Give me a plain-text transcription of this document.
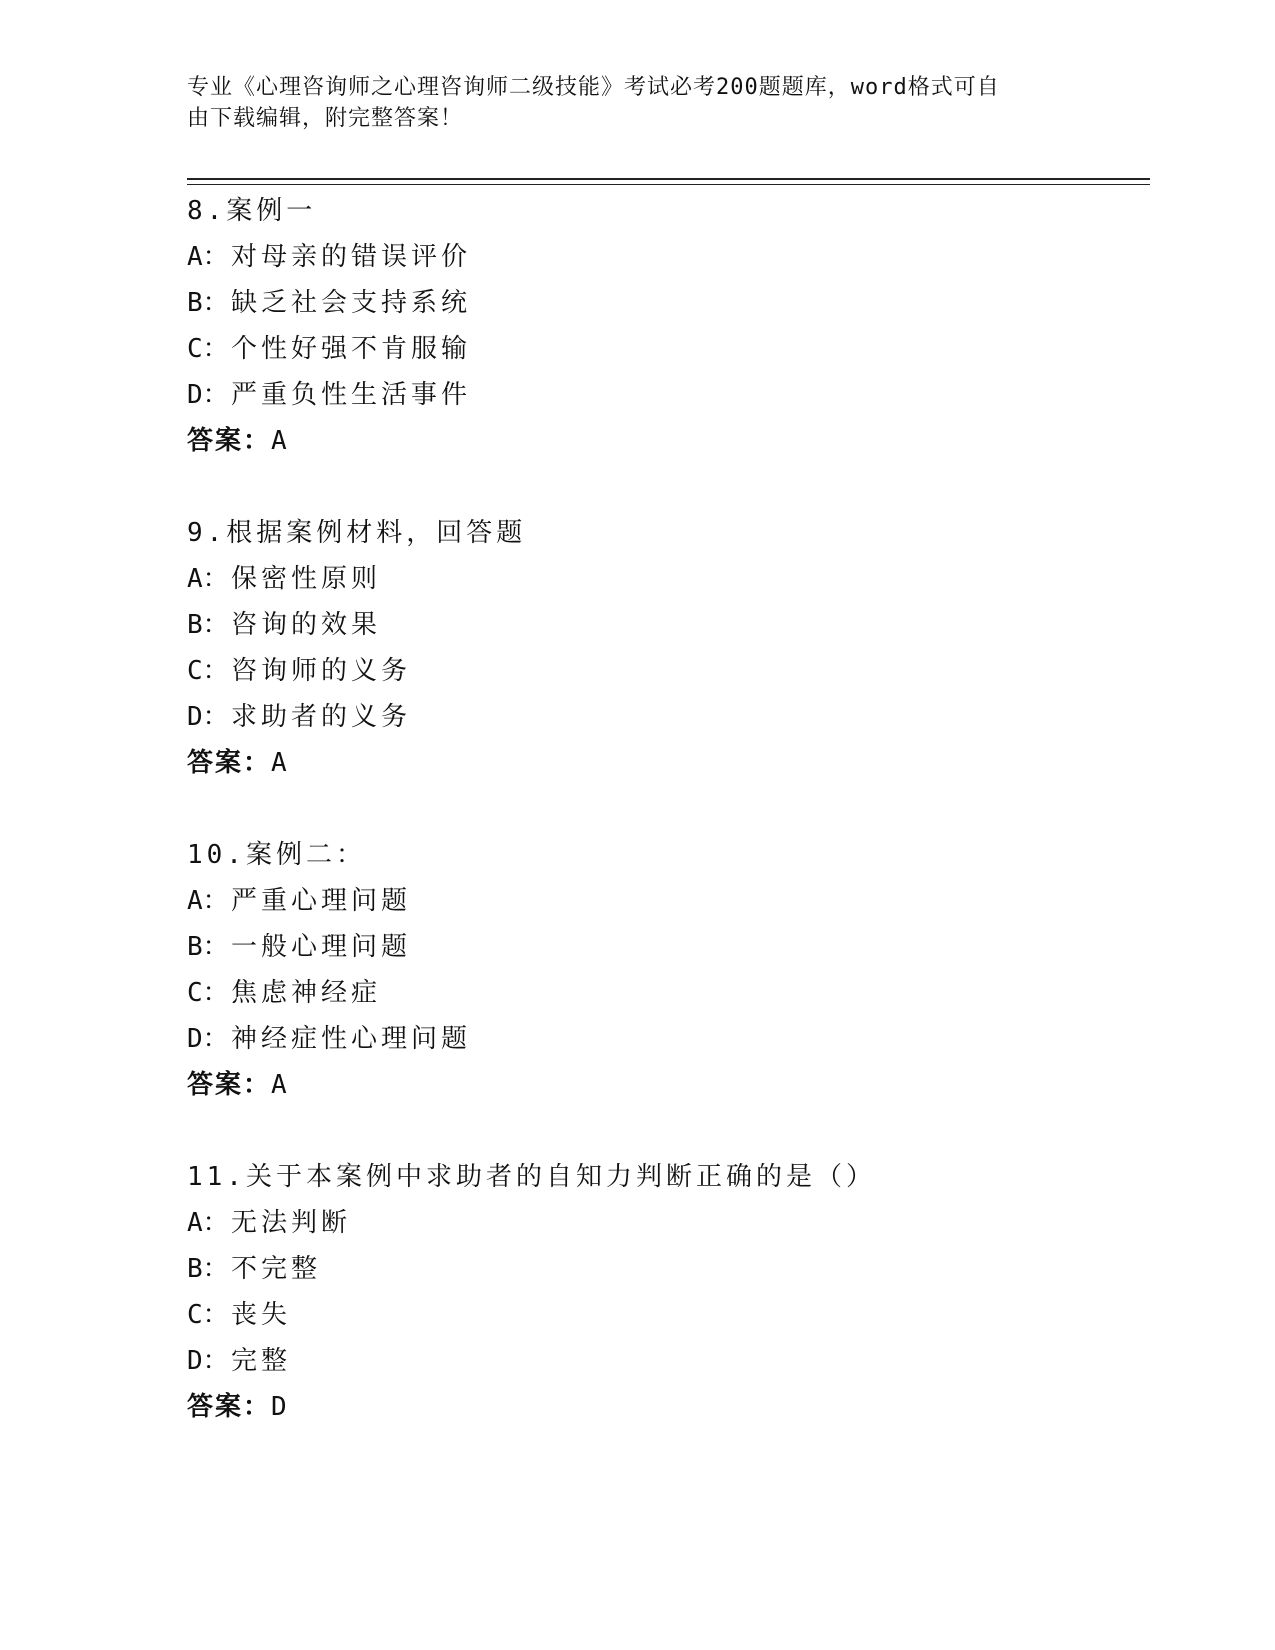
专业《心理咨询师之心理咨询师二级技能》考试必考200题题库，word格式可自
由下载编辑，附完整答案！
8.案例一
A：对母亲的错误评价
B：缺乏社会支持系统
C：个性好强不肯服输
D：严重负性生活事件
答案：A
9.根据案例材料，回答题
A：保密性原则
B：咨询的效果
C：咨询师的义务
D：求助者的义务
答案：A
10.案例二：
A：严重心理问题
B：一般心理问题
C：焦虑神经症
D：神经症性心理问题
答案：A
11.关于本案例中求助者的自知力判断正确的是（）
A：无法判断
B：不完整
C：丧失
D：完整
答案：D
